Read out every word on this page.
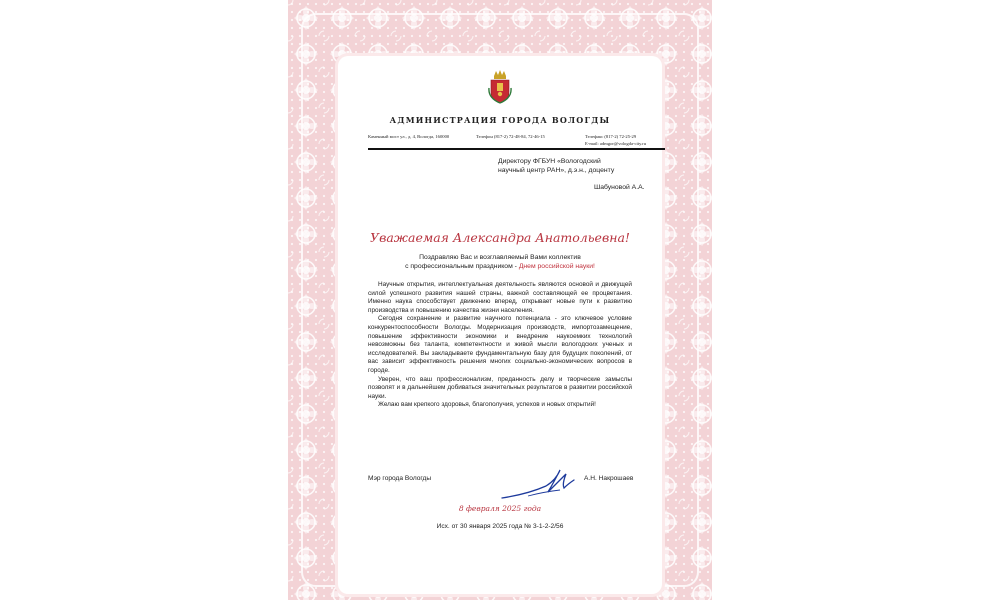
АДМИНИСТРАЦИЯ ГОРОДА ВОЛОГДЫ
Каменный мост ул., д. 4, Вологда, 160000	Телефон (817-2) 72-48-84, 72-46-15	Телефакс (817-2) 72-25-29
E-mail: admgor@vologda-city.ru
Директору ФГБУН «Вологодский
научный центр РАН», д.э.н., доценту
Шабуновой А.А.
Уважаемая Александра Анатольевна!
Поздравляю Вас и возглавляемый Вами коллектив
с профессиональным праздником - Днем российской науки!

Научные открытия, интеллектуальная деятельность являются основой и движущей силой успешного развития нашей страны, важной составляющей ее процветания. Именно наука способствует движению вперед, открывает новые пути к развитию производства и повышению качества жизни населения.

Сегодня сохранение и развитие научного потенциала - это ключевое условие конкурентоспособности Вологды. Модернизация производств, импортозамещение, повышение эффективности экономики и внедрение наукоемких технологий невозможны без таланта, компетентности и живой мысли вологодских ученых и исследователей. Вы закладываете фундаментальную базу для будущих поколений, от вас зависит эффективность решения многих социально-экономических вопросов в городе.

Уверен, что ваш профессионализм, преданность делу и творческие замыслы позволят и в дальнейшем добиваться значительных результатов в развитии российской науки.

Желаю вам крепкого здоровья, благополучия, успехов и новых открытий!

Мэр города Вологды	А.Н. Накрошаев
8 февраля 2025 года
Исх. от 30 января 2025 года № 3-1-2-2/56
